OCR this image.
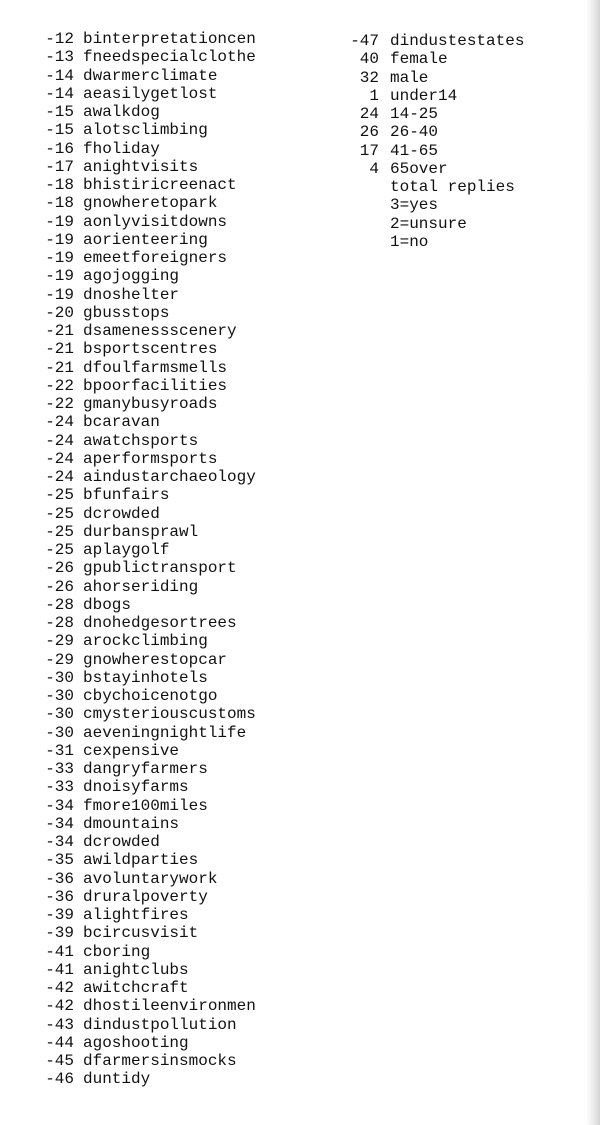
-12 binterpretationcen
-13 fneedspecialclothe
-14 dwarmerclimate
-14 aeasilygetlost
-15 awalkdog
-15 alotsclimbing
-16 fholiday
-17 anightvisits
-18 bhistiricreenact
-18 gnowheretopark
-19 aonlyvisitdowns
-19 aorienteering
-19 emeetforeigners
-19 agojogging
-19 dnoshelter
-20 gbusstops
-21 dsamenessscenery
-21 bsportscentres
-21 dfoulfarmsmells
-22 bpoorfacilities
-22 gmanybusyroads
-24 bcaravan
-24 awatchsports
-24 aperformsports
-24 aindustarchaeology
-25 bfunfairs
-25 dcrowded
-25 durbansprawl
-25 aplaygolf
-26 gpublictransport
-26 ahorseriding
-28 dbogs
-28 dnohedgesortrees
-29 arockclimbing
-29 gnowherestopcar
-30 bstayinhotels
-30 cbychoicenotgo
-30 cmysteriouscustoms
-30 aeveningnightlife
-31 cexpensive
-33 dangryfarmers
-33 dnoisyfarms
-34 fmore100miles
-34 dmountains
-34 dcrowded
-35 awildparties
-36 avoluntarywork
-36 druralpoverty
-39 alightfires
-39 bcircusvisit
-41 cboring
-41 anightclubs
-42 awitchcraft
-42 dhostileenvironmen
-43 dindustpollution
-44 agoshooting
-45 dfarmersinsmocks
-46 duntidy
-47 dindustestates
40 female
32 male
1 under14
24 14-25
26 26-40
17 41-65
4 65over
total replies
3=yes
2=unsure
1=no
